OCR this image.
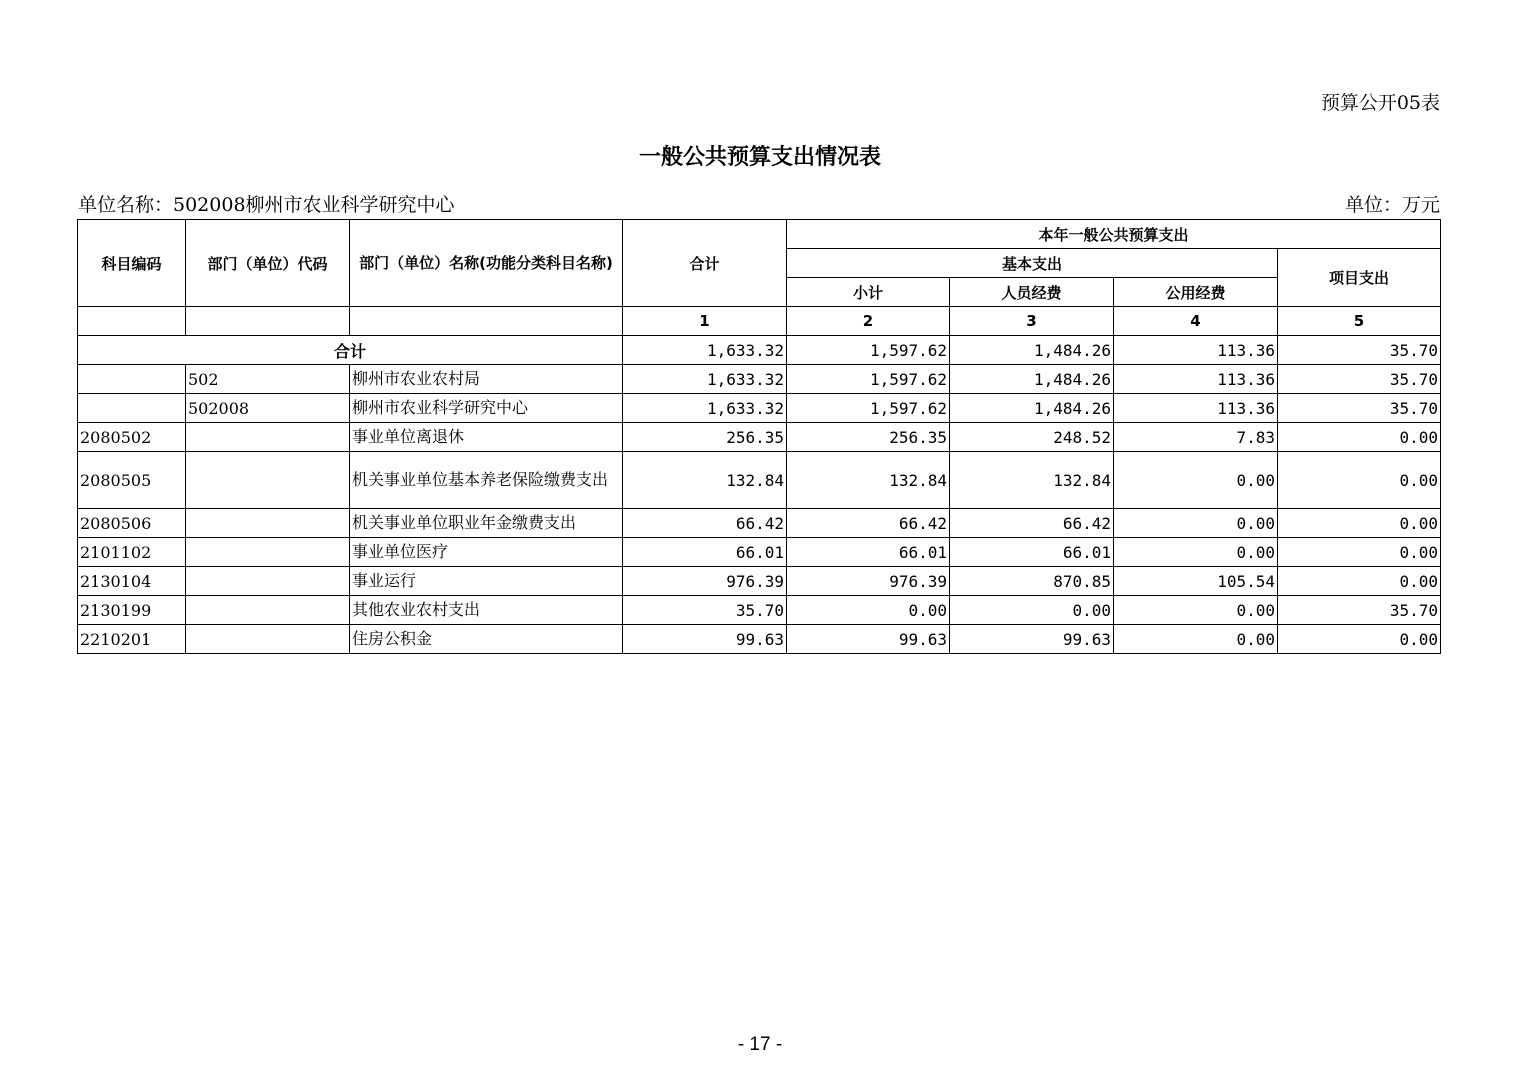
预算公开05表
一般公共预算支出情况表
单位名称：502008柳州市农业科学研究中心	单位：万元
科目编码	部门（单位）代码	部门（单位）名称(功能分类科目名称)	合计	本年一般公共预算支出			
				基本支出			项目支出
				小计	人员经费	公用经费	
			1	2	3	4	5
合计			1,633.32	1,597.62	1,484.26	113.36	35.70
	502	柳州市农业农村局	1,633.32	1,597.62	1,484.26	113.36	35.70
	502008	柳州市农业科学研究中心	1,633.32	1,597.62	1,484.26	113.36	35.70
2080502		事业单位离退休	256.35	256.35	248.52	7.83	0.00
2080505		机关事业单位基本养老保险缴费支出	132.84	132.84	132.84	0.00	0.00
2080506		机关事业单位职业年金缴费支出	66.42	66.42	66.42	0.00	0.00
2101102		事业单位医疗	66.01	66.01	66.01	0.00	0.00
2130104		事业运行	976.39	976.39	870.85	105.54	0.00
2130199		其他农业农村支出	35.70	0.00	0.00	0.00	35.70
2210201		住房公积金	99.63	99.63	99.63	0.00	0.00
- 17 -
